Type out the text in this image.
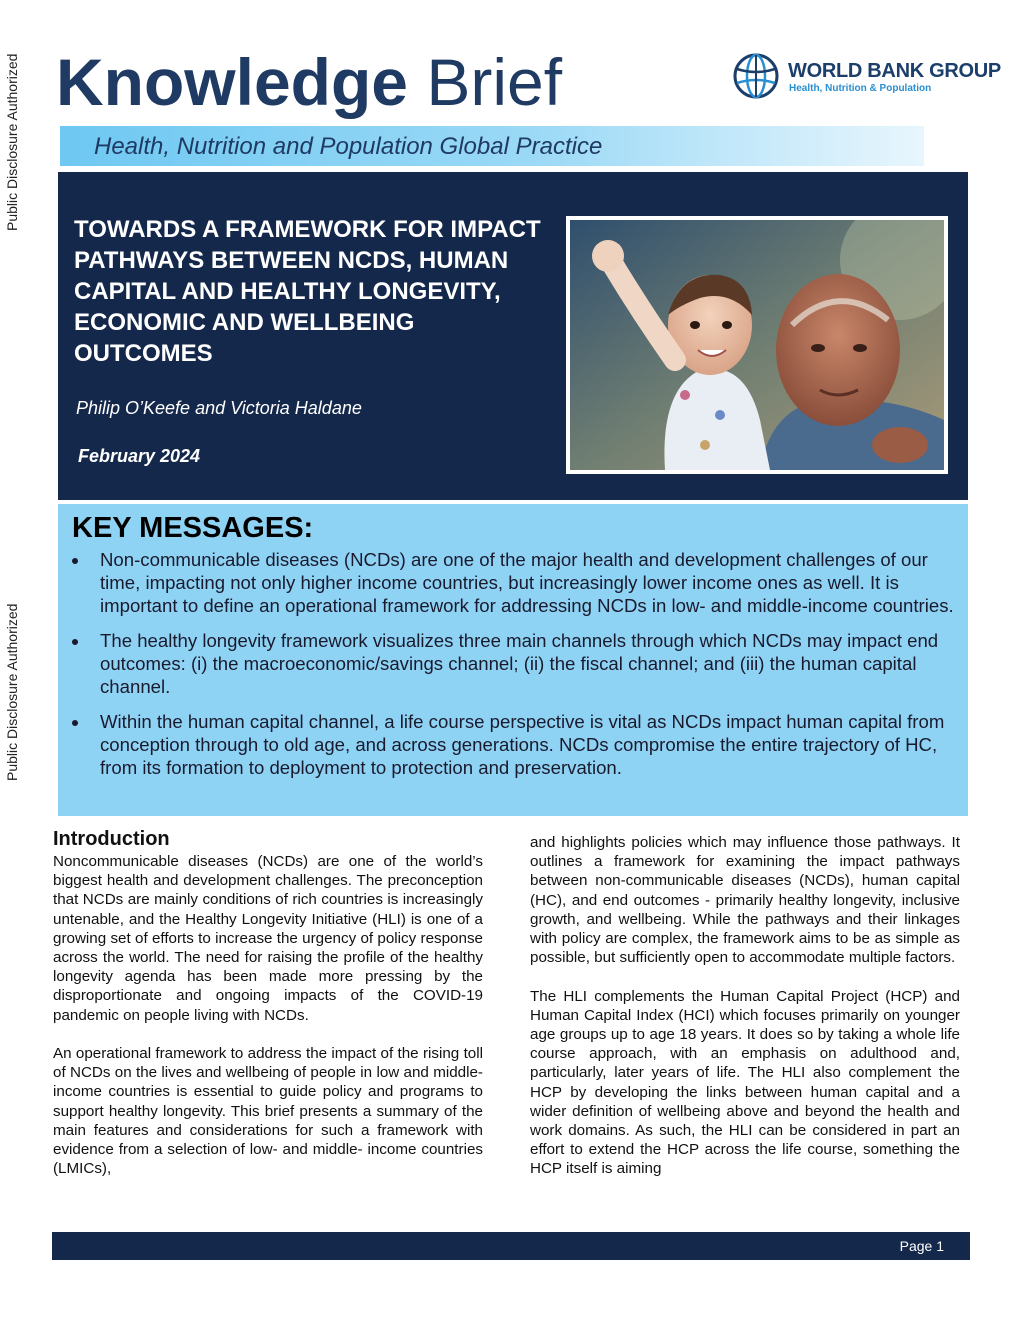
Public Disclosure Authorized
Public Disclosure Authorized
Knowledge Brief	WORLD BANK GROUP
Health, Nutrition & Population
Health, Nutrition and Population Global Practice
TOWARDS A FRAMEWORK FOR IMPACT PATHWAYS BETWEEN NCDS, HUMAN CAPITAL AND HEALTHY LONGEVITY, ECONOMIC AND WELLBEING OUTCOMES
Philip O’Keefe and Victoria Haldane
February 2024
KEY MESSAGES:
Non-communicable diseases (NCDs) are one of the major health and development challenges of our time, impacting not only higher income countries, but increasingly lower income ones as well. It is important to define an operational framework for addressing NCDs in low- and middle-income countries.
The healthy longevity framework visualizes three main channels through which NCDs may impact end outcomes: (i) the macroeconomic/savings channel; (ii) the fiscal channel; and (iii) the human capital channel.
Within the human capital channel, a life course perspective is vital as NCDs impact human capital from conception through to old age, and across generations. NCDs compromise the entire trajectory of HC, from its formation to deployment to protection and preservation.
Introduction

Noncommunicable diseases (NCDs) are one of the world’s biggest health and development challenges. The preconception that NCDs are mainly conditions of rich countries is increasingly untenable, and the Healthy Longevity Initiative (HLI) is one of a growing set of efforts to increase the urgency of policy response across the world. The need for raising the profile of the healthy longevity agenda has been made more pressing by the disproportionate and ongoing impacts of the COVID-19 pandemic on people living with NCDs.

An operational framework to address the impact of the rising toll of NCDs on the lives and wellbeing of people in low and middle-income countries is essential to guide policy and programs to support healthy longevity. This brief presents a summary of the main features and considerations for such a framework with evidence from a selection of low- and middle- income countries (LMICs),

and highlights policies which may influence those pathways. It outlines a framework for examining the impact pathways between non-communicable diseases (NCDs), human capital (HC), and end outcomes - primarily healthy longevity, inclusive growth, and wellbeing. While the pathways and their linkages with policy are complex, the framework aims to be as simple as possible, but sufficiently open to accommodate multiple factors.

The HLI complements the Human Capital Project (HCP) and Human Capital Index (HCI) which focuses primarily on younger age groups up to age 18 years. It does so by taking a whole life course approach, with an emphasis on adulthood and, particularly, later years of life. The HLI also complement the HCP by developing the links between human capital and a wider definition of wellbeing above and beyond the health and work domains. As such, the HLI can be considered in part an effort to extend the HCP across the life course, something the HCP itself is aiming

Page 1
